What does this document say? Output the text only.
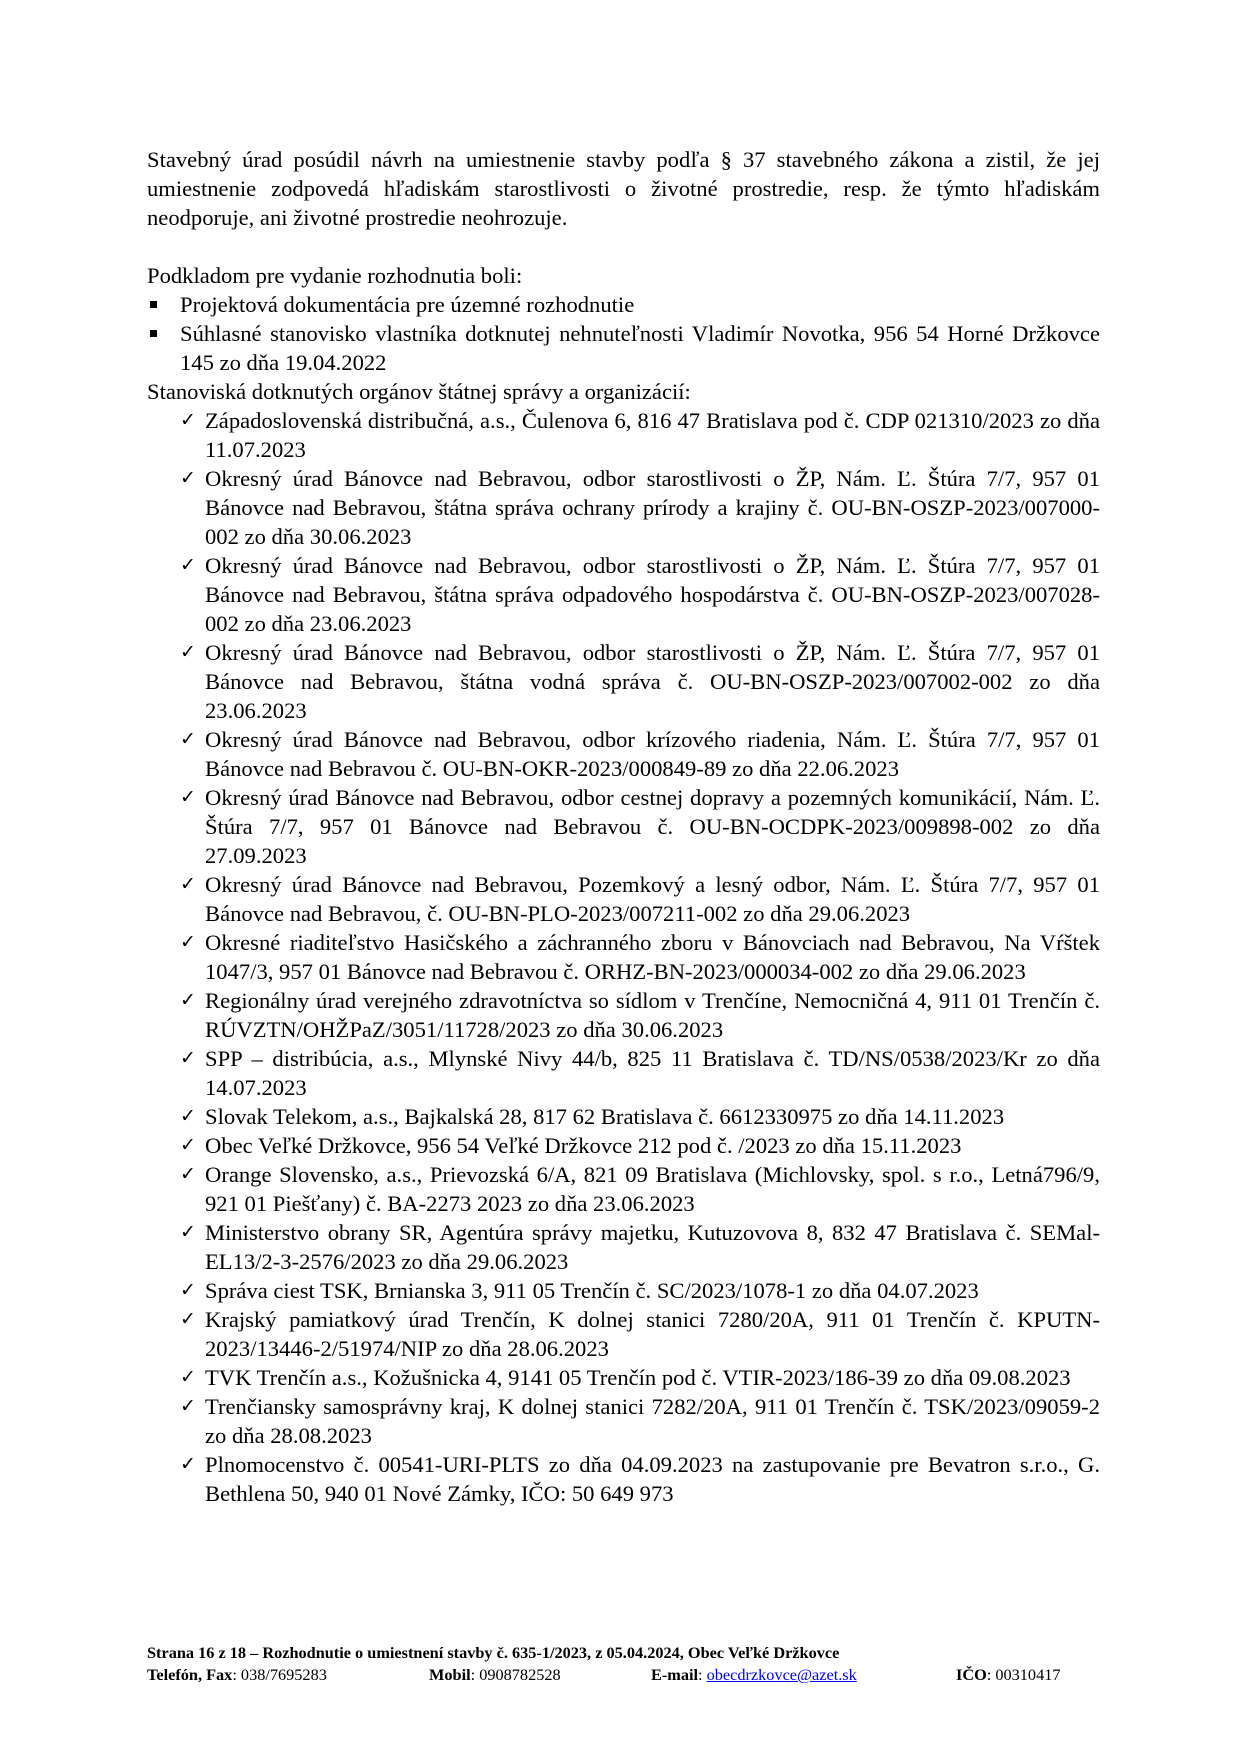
Stavebný úrad posúdil návrh na umiestnenie stavby podľa § 37 stavebného zákona a zistil, že jej umiestnenie zodpovedá hľadiskám starostlivosti o životné prostredie, resp. že týmto hľadiskám neodporuje, ani životné prostredie neohrozuje.

Podkladom pre vydanie rozhodnutia boli:

Projektová dokumentácia pre územné rozhodnutie
Súhlasné stanovisko vlastníka dotknutej nehnuteľnosti Vladimír Novotka, 956 54 Horné Držkovce 145 zo dňa 19.04.2022

Stanoviská dotknutých orgánov štátnej správy a organizácií:

✓ Západoslovenská distribučná, a.s., Čulenova 6, 816 47 Bratislava pod č. CDP 021310/2023 zo dňa 11.07.2023
✓ Okresný úrad Bánovce nad Bebravou, odbor starostlivosti o ŽP, Nám. Ľ. Štúra 7/7, 957 01 Bánovce nad Bebravou, štátna správa ochrany prírody a krajiny č. OU-BN-OSZP-2023/007000-002 zo dňa 30.06.2023
✓ Okresný úrad Bánovce nad Bebravou, odbor starostlivosti o ŽP, Nám. Ľ. Štúra 7/7, 957 01 Bánovce nad Bebravou, štátna správa odpadového hospodárstva č. OU-BN-OSZP-2023/007028-002 zo dňa 23.06.2023
✓ Okresný úrad Bánovce nad Bebravou, odbor starostlivosti o ŽP, Nám. Ľ. Štúra 7/7, 957 01 Bánovce nad Bebravou, štátna vodná správa č. OU-BN-OSZP-2023/007002-002 zo dňa 23.06.2023
✓ Okresný úrad Bánovce nad Bebravou, odbor krízového riadenia, Nám. Ľ. Štúra 7/7, 957 01 Bánovce nad Bebravou č. OU-BN-OKR-2023/000849-89 zo dňa 22.06.2023
✓ Okresný úrad Bánovce nad Bebravou, odbor cestnej dopravy a pozemných komunikácií, Nám. Ľ. Štúra 7/7, 957 01 Bánovce nad Bebravou č. OU-BN-OCDPK-2023/009898-002 zo dňa 27.09.2023
✓ Okresný úrad Bánovce nad Bebravou, Pozemkový a lesný odbor, Nám. Ľ. Štúra 7/7, 957 01 Bánovce nad Bebravou, č. OU-BN-PLO-2023/007211-002 zo dňa 29.06.2023
✓ Okresné riaditeľstvo Hasičského a záchranného zboru v Bánovciach nad Bebravou, Na Vŕštek 1047/3, 957 01 Bánovce nad Bebravou č. ORHZ-BN-2023/000034-002 zo dňa 29.06.2023
✓ Regionálny úrad verejného zdravotníctva so sídlom v Trenčíne, Nemocničná 4, 911 01 Trenčín č. RÚVZTN/OHŽPaZ/3051/11728/2023 zo dňa 30.06.2023
✓ SPP – distribúcia, a.s., Mlynské Nivy 44/b, 825 11 Bratislava č. TD/NS/0538/2023/Kr zo dňa 14.07.2023
✓ Slovak Telekom, a.s., Bajkalská 28, 817 62 Bratislava č. 6612330975 zo dňa 14.11.2023
✓ Obec Veľké Držkovce, 956 54 Veľké Držkovce 212 pod č. /2023 zo dňa 15.11.2023
✓ Orange Slovensko, a.s., Prievozská 6/A, 821 09 Bratislava (Michlovsky, spol. s r.o., Letná796/9, 921 01 Piešťany) č. BA-2273 2023 zo dňa 23.06.2023
✓ Ministerstvo obrany SR, Agentúra správy majetku, Kutuzovova 8, 832 47 Bratislava č. SEMal-EL13/2-3-2576/2023 zo dňa 29.06.2023
✓ Správa ciest TSK, Brnianska 3, 911 05 Trenčín č. SC/2023/1078-1 zo dňa 04.07.2023
✓ Krajský pamiatkový úrad Trenčín, K dolnej stanici 7280/20A, 911 01 Trenčín č. KPUTN-2023/13446-2/51974/NIP zo dňa 28.06.2023
✓ TVK Trenčín a.s., Kožušnicka 4, 9141 05 Trenčín pod č. VTIR-2023/186-39 zo dňa 09.08.2023
✓ Trenčiansky samosprávny kraj, K dolnej stanici 7282/20A, 911 01 Trenčín č. TSK/2023/09059-2 zo dňa 28.08.2023
✓ Plnomocenstvo č. 00541-URI-PLTS zo dňa 04.09.2023 na zastupovanie pre Bevatron s.r.o., G. Bethlena 50, 940 01 Nové Zámky, IČO: 50 649 973
Strana 16 z 18 – Rozhodnutie o umiestnení stavby č. 635-1/2023, z 05.04.2024, Obec Veľké Držkovce
Telefón, Fax: 038/7695283	Mobil: 0908782528	E-mail: obecdrzkovce@azet.sk	IČO: 00310417
